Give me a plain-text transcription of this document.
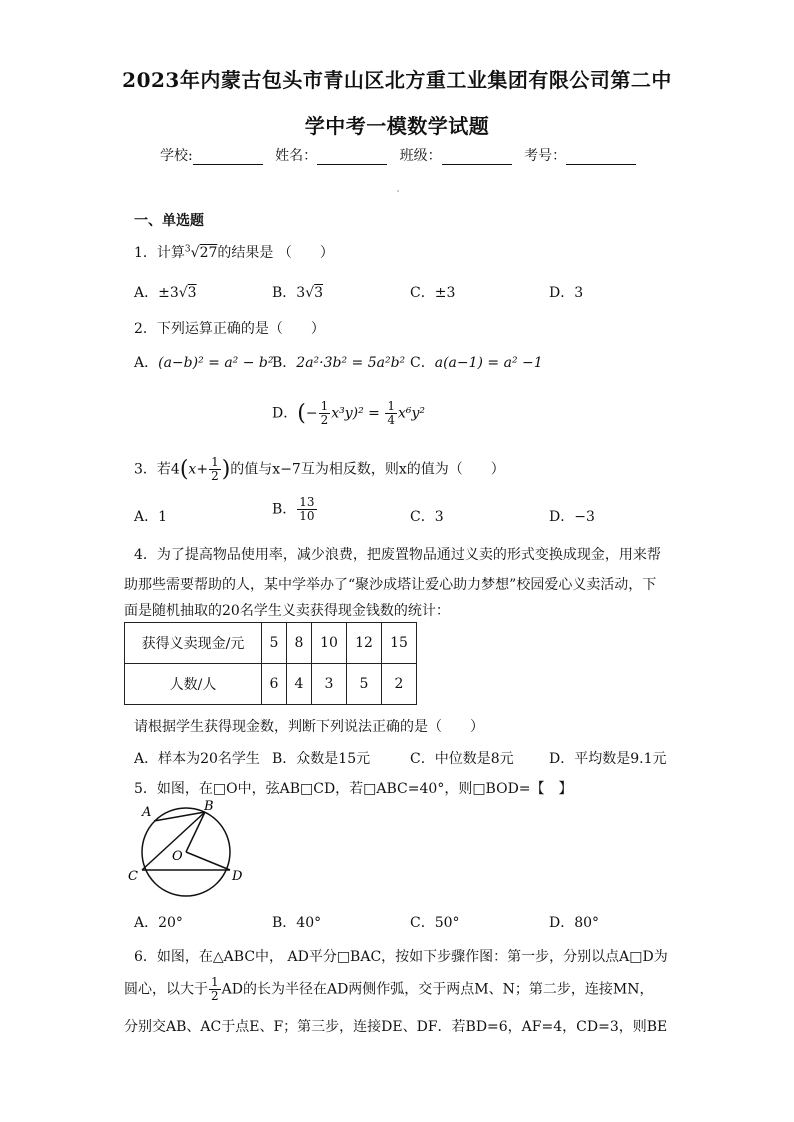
2023年内蒙古包头市青山区北方重工业集团有限公司第二中
学中考一模数学试题
学校:	姓名：	班级：	考号：
一、单选题
1．计算$^3$√27的结果是 （　　）
A．±3√3	B．3√3	C．±3	D．3
2．下列运算正确的是（　　）
A．(a−b)² = a² − b²
B．2a²·3b² = 5a²b² C．a(a−1) = a² −1
D．(− $\frac{1}{2} x^3y)^2 = \frac{1}{4} x^6y^2$
3．若$4(x+ \frac{1}{2}$ )的值与x−7互为相反数，则x的值为（　　）
A．1	B． $\frac{13}{10}$	C．3	D．−3
4．为了提高物品使用率，减少浪费，把废置物品通过义卖的形式变换成现金，用来帮
助那些需要帮助的人，某中学举办了“聚沙成塔让爱心助力梦想”校园爱心义卖活动，下
面是随机抽取的20名学生义卖获得现金钱数的统计：
获得义卖现金/元	5	8	10	12	15
人数/人	6	4	3	5	2
请根据学生获得现金数，判断下列说法正确的是（　　）
A．样本为20名学生 B．众数是15元	C．中位数是8元	D．平均数是9.1元
5．如图，在□O中，弦AB□CD，若□ABC=40°，则□BOD=【　】
A	B
O
C	D
A．20°	B．40°	C．50°	D．80°
6．如图，在△ABC中， AD平分□BAC，按如下步骤作图：第一步，分别以点A□D为
圆心，以大于 $\frac{1}{2}$ AD的长为半径在AD两侧作弧，交于两点M、N；第二步，连接MN，
分别交AB、AC于点E、F；第三步，连接DE、DF．若BD=6，AF=4，CD=3，则BE
